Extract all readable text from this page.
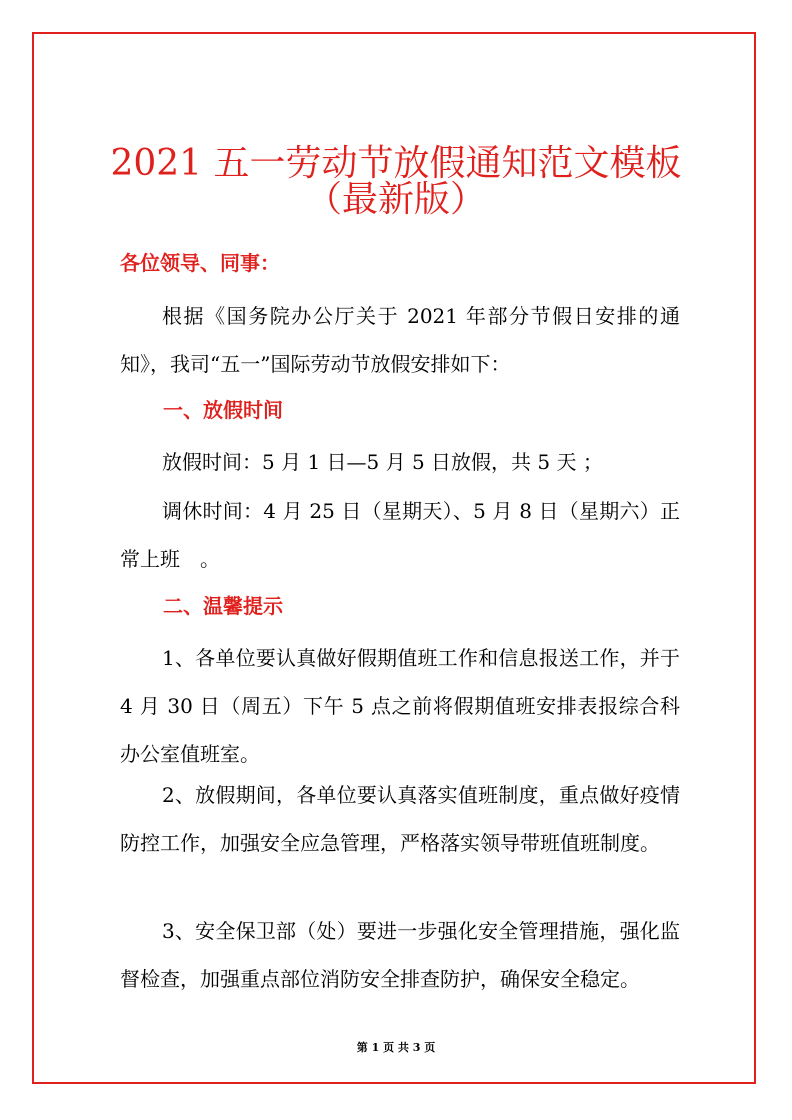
2021 五一劳动节放假通知范文模板
（最新版）
各位领导、同事：

根据《国务院办公厅关于 2021 年部分节假日安排的通知》，我司“五一”国际劳动节放假安排如下：

一、放假时间

放假时间：5 月 1 日—5 月 5 日放假，共 5 天 ；

调休时间：4 月 25 日（星期天）、5 月 8 日（星期六）正常上班　。

二、温馨提示

1、各单位要认真做好假期值班工作和信息报送工作，并于 4 月 30 日（周五）下午 5 点之前将假期值班安排表报综合科办公室值班室。

2、放假期间，各单位要认真落实值班制度，重点做好疫情防控工作，加强安全应急管理，严格落实领导带班值班制度。

3、安全保卫部（处）要进一步强化安全管理措施，强化监督检查，加强重点部位消防安全排查防护，确保安全稳定。

第 1 页 共 3 页
